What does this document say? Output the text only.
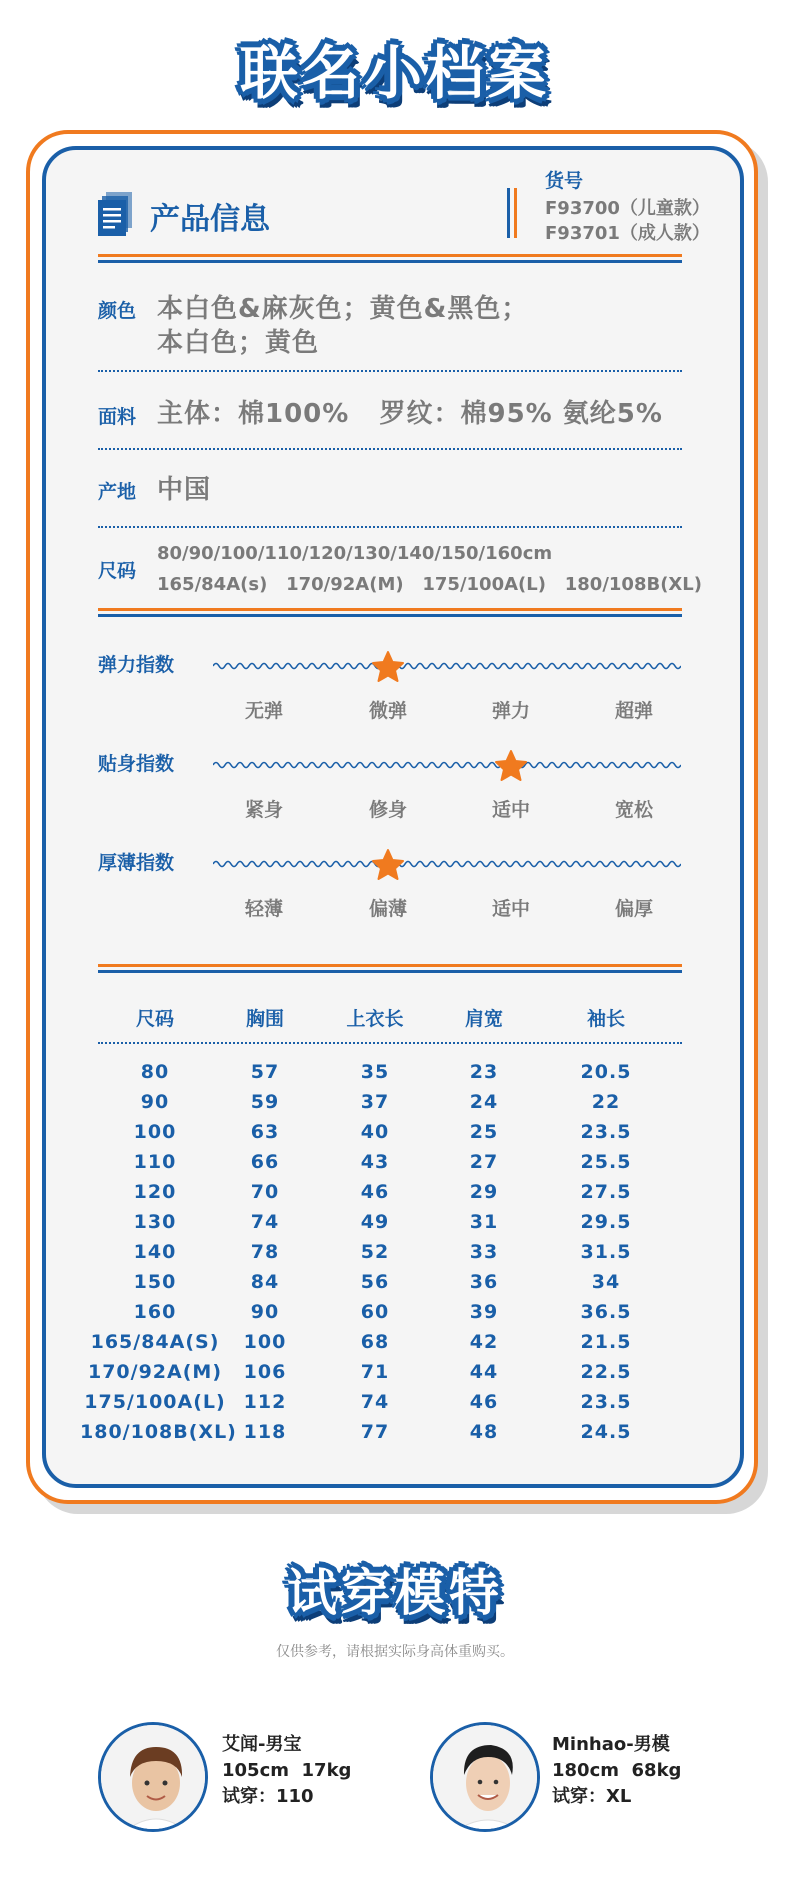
联名小档案
产品信息
货号
F93700（儿童款）
F93701（成人款）
颜色 本白色&麻灰色；黄色&黑色；
本白色；黄色
面料 主体：棉100%   罗纹：棉95% 氨纶5%
产地 中国
尺码
80/90/100/110/120/130/140/150/160cm
165/84A(s)   170/92A(M)   175/100A(L)   180/108B(XL)
弹力指数
无弹	微弹	弹力	超弹
贴身指数
紧身	修身	适中	宽松
厚薄指数
轻薄	偏薄	适中	偏厚
尺码	胸围	上衣长	肩宽	袖长
80	57	35	23	20.5
90	59	37	24	22
100	63	40	25	23.5
110	66	43	27	25.5
120	70	46	29	27.5
130	74	49	31	29.5
140	78	52	33	31.5
150	84	56	36	34
160	90	60	39	36.5
165/84A(S)	100	68	42	21.5
170/92A(M)	106	71	44	22.5
175/100A(L) 112	74	46	23.5
180/108B(XL) 118	77	48	24.5
试穿模特
仅供参考，请根据实际身高体重购买。
艾闻-男宝
105cm  17kg
试穿：110
Minhao-男模
180cm  68kg
试穿：XL
